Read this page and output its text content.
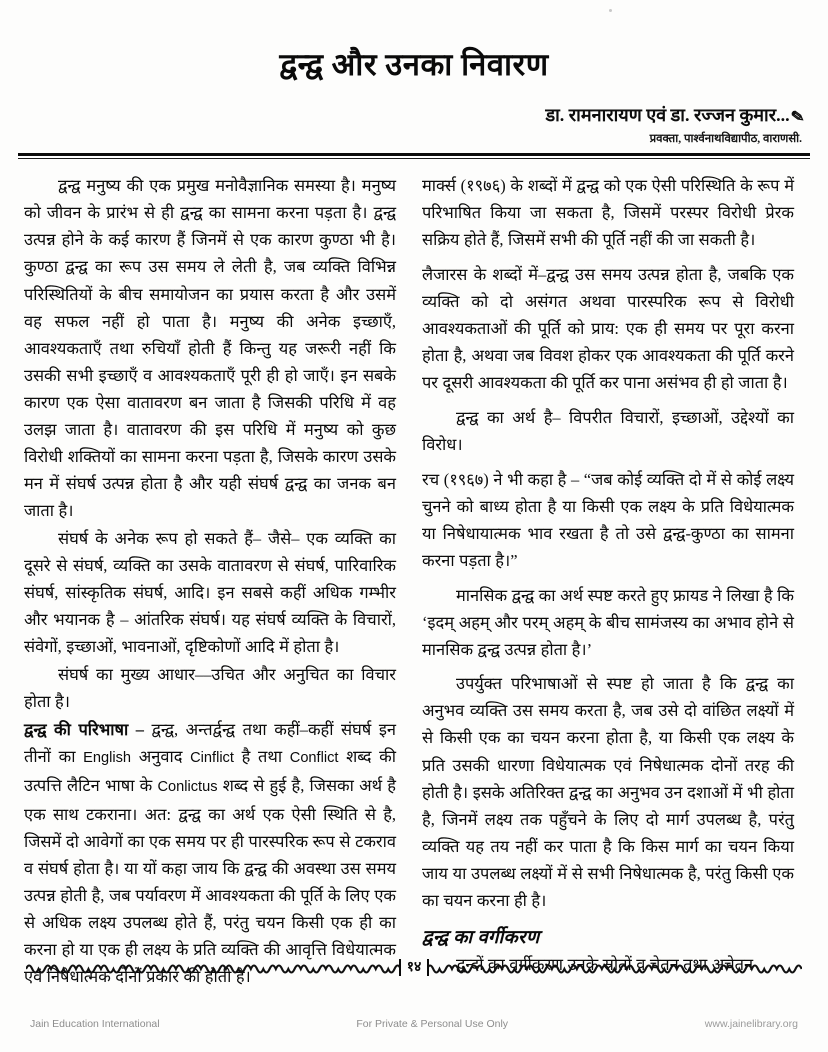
द्वन्द्व और उनका निवारण
डा. रामनारायण एवं डा. रज्जन कुमार...✎
प्रवक्ता, पार्श्वनाथविद्यापीठ, वाराणसी.

द्वन्द्व मनुष्य की एक प्रमुख मनोवैज्ञानिक समस्या है। मनुष्य को जीवन के प्रारंभ से ही द्वन्द्व का सामना करना पड़ता है। द्वन्द्व उत्पन्न होने के कई कारण हैं जिनमें से एक कारण कुण्ठा भी है। कुण्ठा द्वन्द्व का रूप उस समय ले लेती है, जब व्यक्ति विभिन्न परिस्थितियों के बीच समायोजन का प्रयास करता है और उसमें वह सफल नहीं हो पाता है। मनुष्य की अनेक इच्छाएँ, आवश्यकताएँ तथा रुचियाँ होती हैं किन्तु यह जरूरी नहीं कि उसकी सभी इच्छाएँ व आवश्यकताएँ पूरी ही हो जाएँ। इन सबके कारण एक ऐसा वातावरण बन जाता है जिसकी परिधि में वह उलझ जाता है। वातावरण की इस परिधि में मनुष्य को कुछ विरोधी शक्तियों का सामना करना पड़ता है, जिसके कारण उसके मन में संघर्ष उत्पन्न होता है और यही संघर्ष द्वन्द्व का जनक बन जाता है।

संघर्ष के अनेक रूप हो सकते हैं– जैसे– एक व्यक्ति का दूसरे से संघर्ष, व्यक्ति का उसके वातावरण से संघर्ष, पारिवारिक संघर्ष, सांस्कृतिक संघर्ष, आदि। इन सबसे कहीं अधिक गम्भीर और भयानक है – आंतरिक संघर्ष। यह संघर्ष व्यक्ति के विचारों, संवेगों, इच्छाओं, भावनाओं, दृष्टिकोणों आदि में होता है।

संघर्ष का मुख्य आधार––उचित और अनुचित का विचार होता है।

द्वन्द्व की परिभाषा – द्वन्द्व, अन्तर्द्वन्द्व तथा कहीं–कहीं संघर्ष इन तीनों का English अनुवाद Cinflict है तथा Conflict शब्द की उत्पत्ति लैटिन भाषा के Conlictus शब्द से हुई है, जिसका अर्थ है एक साथ टकराना। अत: द्वन्द्व का अर्थ एक ऐसी स्थिति से है, जिसमें दो आवेगों का एक समय पर ही पारस्परिक रूप से टकराव व संघर्ष होता है। या यों कहा जाय कि द्वन्द्व की अवस्था उस समय उत्पन्न होती है, जब पर्यावरण में आवश्यकता की पूर्ति के लिए एक से अधिक लक्ष्य उपलब्ध होते हैं, परंतु चयन किसी एक ही का करना हो या एक ही लक्ष्य के प्रति व्यक्ति की आवृत्ति विधेयात्मक एवं निषेधात्मक दोनों प्रकार की होती है।

मार्क्स (१९७६) के शब्दों में द्वन्द्व को एक ऐसी परिस्थिति के रूप में परिभाषित किया जा सकता है, जिसमें परस्पर विरोधी प्रेरक सक्रिय होते हैं, जिसमें सभी की पूर्ति नहीं की जा सकती है।

लैजारस के शब्दों में–द्वन्द्व उस समय उत्पन्न होता है, जबकि एक व्यक्ति को दो असंगत अथवा पारस्परिक रूप से विरोधी आवश्यकताओं की पूर्ति को प्राय: एक ही समय पर पूरा करना होता है, अथवा जब विवश होकर एक आवश्यकता की पूर्ति करने पर दूसरी आवश्यकता की पूर्ति कर पाना असंभव ही हो जाता है।

द्वन्द्व का अर्थ है– विपरीत विचारों, इच्छाओं, उद्देश्यों का विरोध।

रच (१९६७) ने भी कहा है – “जब कोई व्यक्ति दो में से कोई लक्ष्य चुनने को बाध्य होता है या किसी एक लक्ष्य के प्रति विधेयात्मक या निषेधायात्मक भाव रखता है तो उसे द्वन्द्व-कुण्ठा का सामना करना पड़ता है।”

मानसिक द्वन्द्व का अर्थ स्पष्ट करते हुए फ्रायड ने लिखा है कि ‘इदम् अहम् और परम् अहम् के बीच सामंजस्य का अभाव होने से मानसिक द्वन्द्व उत्पन्न होता है।’

उपर्युक्त परिभाषाओं से स्पष्ट हो जाता है कि द्वन्द्व का अनुभव व्यक्ति उस समय करता है, जब उसे दो वांछित लक्ष्यों में से किसी एक का चयन करना होता है, या किसी एक लक्ष्य के प्रति उसकी धारणा विधेयात्मक एवं निषेधात्मक दोनों तरह की होती है। इसके अतिरिक्त द्वन्द्व का अनुभव उन दशाओं में भी होता है, जिनमें लक्ष्य तक पहुँचने के लिए दो मार्ग उपलब्ध है, परंतु व्यक्ति यह तय नहीं कर पाता है कि किस मार्ग का चयन किया जाय या उपलब्ध लक्ष्यों में से सभी निषेधात्मक है, परंतु किसी एक का चयन करना ही है।

द्वन्द्व का वर्गीकरण

द्वन्दों का वर्गीकरण उनके स्रोतों व चेतन तथा अचेतन

१४
Jain Education International	For Private & Personal Use Only	www.jainelibrary.org
